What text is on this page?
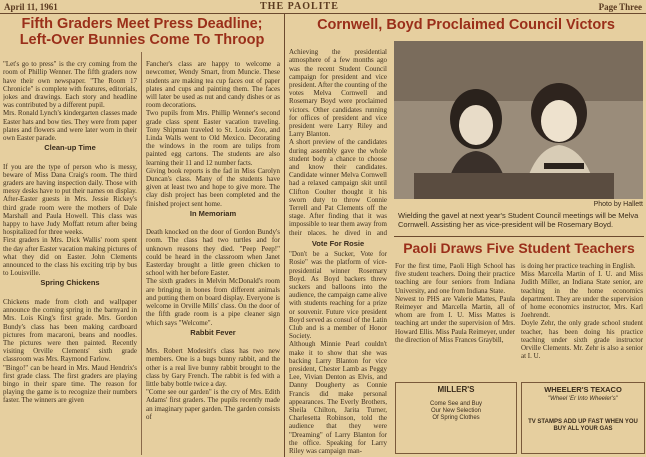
April 11, 1961	THE PAOLITE	Page Three
Fifth Graders Meet Press Deadline;
Left-Over Bunnies Come To Throop

"Let's go to press" is the cry coming from the room of Phillip Wenner. The fifth graders now have their own newspaper. "The Room 17 Chronicle" is complete with features, editorials, jokes and drawings. Each story and headline was contributed by a different pupil.
Mrs. Ronald Lynch's kindergarten classes made Easter hats and bow ties. They were from paper plates and flowers and were later worn in their own Easter parade.

Clean-up Time

If you are the type of person who is messy, beware of Miss Dana Craig's room. The third graders are having inspection daily. Those with messy desks have to put their names on display.
After-Easter guests in Mrs. Jessie Rickey's third grade room were the mothers of Dale Marshall and Paula Howell. This class was happy to have Judy Moffatt return after being hospitalized for three weeks.
First graders in Mrs. Dick Wallis' room spent the day after Easter vacation making pictures of what they did on Easter. John Clements announced to the class his exciting trip by bus to Louisville.

Spring Chickens

Chickens made from cloth and wallpaper announce the coming spring in the barnyard in Mrs. Lois King's first grade. Mrs. Gordon Bundy's class has been making cardboard pictures from macaroni, beans and noodles. The pictures were then painted. Recently visiting Orville Clements' sixth grade classroom was Mrs. Raymond Farlow.
"Bingo!" can be heard in Mrs. Maud Hendrix's first grade class. The first graders are playing bingo in their spare time. The reason for playing the game is to recognize their numbers faster. The winners are given

Fancher's class are happy to welcome a newcomer, Wendy Smart, from Muncie. These students are making tea cup faces out of paper plates and cups and painting them. The faces will later be used as nut and candy dishes or as room decorations.
Two pupils from Mrs. Phillip Wenner's second grade class spent Easter vacation traveling. Tony Shipman traveled to St. Louis Zoo, and Linda Walls went to Old Mexico. Decorating the windows in the room are tulips from painted egg cartons. The students are also learning their 11 and 12 number facts.
Giving book reports is the fad in Miss Carolyn Duncan's class. Many of the students have given at least two and hope to give more. The clay dish project has been completed and the finished project sent home.

In Memoriam

Death knocked on the door of Gordon Bundy's room. The class had two turtles and for unknown reasons they died. "Peep Peep!" could be heard in the classroom when Janet Easterday brought a little green chicken to school with her before Easter.
The sixth graders in Melvin McDonald's room are bringing in bones from different animals and putting them on board display. Everyone is welcome in Orville Mills' class. On the door of the fifth grade room is a pipe cleaner sign which says "Welcome".

Rabbit Fever

Mrs. Robert Modesitt's class has two new members. One is a bugs bunny rabbit, and the other is a real live bunny rabbit brought to the class by Gary French. The rabbit is fed with a little baby bottle twice a day.
"Come see our garden" is the cry of Mrs. Edith Adams' first graders. The pupils recently made an imaginary paper garden. The garden consists of

Cornwell, Boyd Proclaimed Council Victors

Achieving the presidential atmosphere of a few months ago was the recent Student Council campaign for president and vice president. After the counting of the votes Melva Cornwell and Rosemary Boyd were proclaimed victors. Other candidates running for offices of president and vice president were Larry Riley and Larry Blanton.
A short preview of the candidates during assembly gave the whole student body a chance to choose and know their candidates. Candidate winner Melva Cornwell had a relaxed campaign skit until Clifton Coulter thought it his sworn duty to throw Connie Terrell and Pat Clements off the stage. After finding that it was impossible to tear them away from their places, he dived in and

Photo by Hallett
Wielding the gavel at next year's Student Council meetings will be Melva Cornwell. Assisting her as vice-president will be Rosemary Boyd.
Vote For Rosie
"Don't be a Sucker, Vote for Rosie" was the platform of vice-presidential winner Rosemary Boyd. As Boyd backers threw suckers and balloons into the audience, the campaign came alive with students reaching for a prize or souvenir. Future vice president Boyd served as consul of the Latin Club and is a member of Honor Society.
Although Minnie Pearl couldn't make it to show that she was backing Larry Blanton for vice president, Chester Lamb as Peggy Lee, Vivian Denton as Elvis, and Danny Dougherty as Connie Francis did make personal appearances. The Everly Brothers, Sheila Chilton, Jarita Turner, Charlesetta Robinson, told the audience that they were "Dreaming" of Larry Blanton for the office. Speaking for Larry Riley was campaign man-
Paoli Draws Five Student Teachers
For the first time, Paoli High School has five student teachers. Doing their practice teaching are four seniors from Indiana University, and one from Indiana State.
Newest to PHS are Valerie Mattes, Paula Reimeyer and Marcella Martin, all of whom are from I. U. Miss Mattes is teaching art under the supervision of Mrs. Howard Ellis. Miss Paula Reimeyer, under the direction of Miss Frances Graybill,
is doing her practice teaching in English.
Miss Marcella Martin of I. U. and Miss Judith Miller, an Indiana State senior, are teaching in the home economics department. They are under the supervision of home economics instructor, Mrs. Karl Joehrendt.
Doyle Zehr, the only grade school student teacher, has been doing his practice teaching under sixth grade instructor Orville Clements. Mr. Zehr is also a senior at I. U.
MILLER'S
Come See and Buy
Our New Selection
Of Spring Clothes
WHEELER'S TEXACO
"Wheel 'Er Into Wheeler's"
TV STAMPS ADD UP FAST WHEN YOU BUY ALL YOUR GAS
